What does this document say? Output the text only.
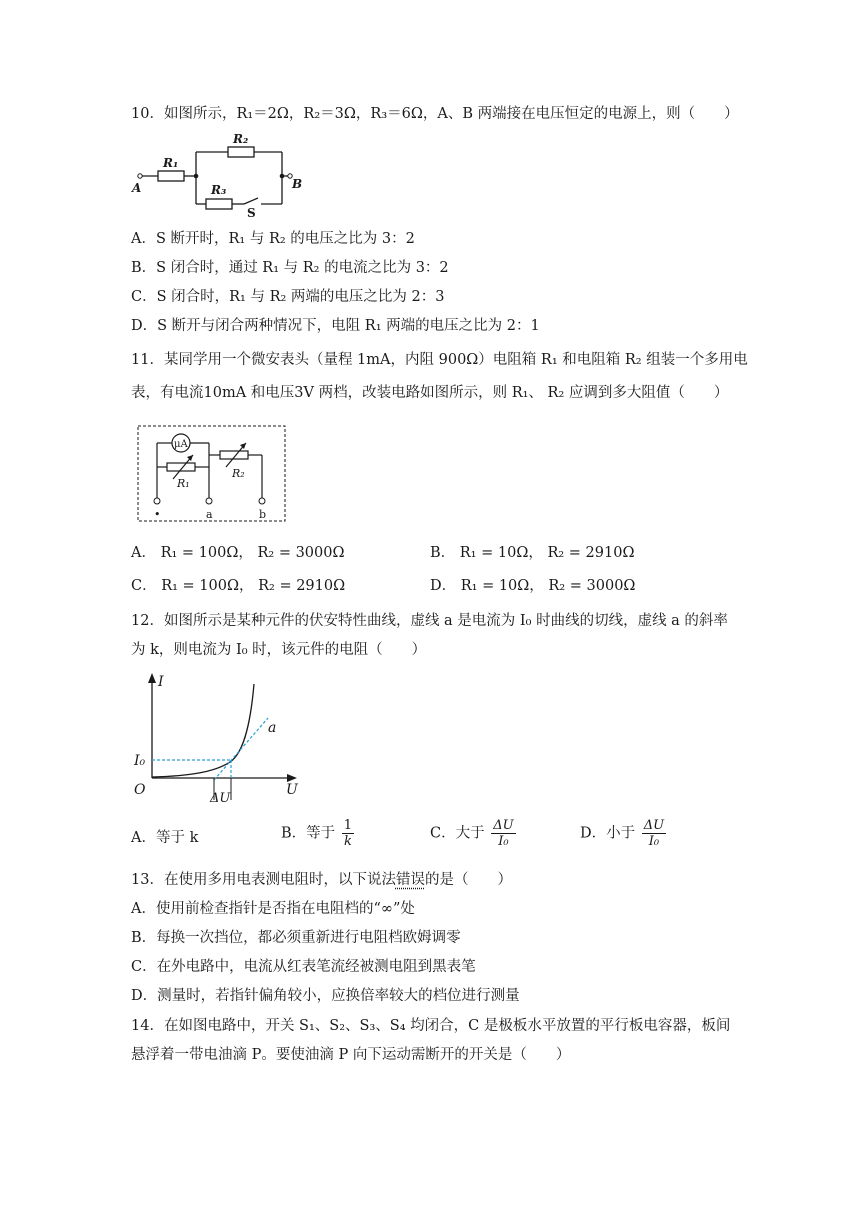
10．如图所示，R₁＝2Ω，R₂＝3Ω，R₃＝6Ω，A、B 两端接在电压恒定的电源上，则（　　）
R₁
R₂
R₃
A	B
S
A．S 断开时，R₁ 与 R₂ 的电压之比为 3：2
B．S 闭合时，通过 R₁ 与 R₂ 的电流之比为 3：2
C．S 闭合时，R₁ 与 R₂ 两端的电压之比为 2：3
D．S 断开与闭合两种情况下，电阻 R₁ 两端的电压之比为 2：1
11．某同学用一个微安表头（量程 1mA，内阻 900Ω）电阻箱 R₁ 和电阻箱 R₂ 组装一个多用电
表，有电流10mA 和电压3V 两档，改装电路如图所示，则 R₁、 R₂ 应调到多大阻值（　　）
μA
R₁
R₂
•	a	b
A． R₁ = 100Ω， R₂ = 3000Ω	B． R₁ = 10Ω， R₂ = 2910Ω
C． R₁ = 100Ω， R₂ = 2910Ω	D． R₁ = 10Ω， R₂ = 3000Ω
12．如图所示是某种元件的伏安特性曲线，虚线 a 是电流为 I₀ 时曲线的切线，虚线 a 的斜率
为 k，则电流为 I₀ 时，该元件的电阻（　　）
I
U
O
I₀
a
ΔU
A．等于 k	B．等于 $\frac{1}{k}$	C．大于 $\frac{\Delta U}{\text{I₀}}$	D．小于 $\frac{\Delta U}{\text{I₀}}$
13．在使用多用电表测电阻时，以下说法错误的是（　　）
A．使用前检查指针是否指在电阻档的“∞”处
B．每换一次挡位，都必须重新进行电阻档欧姆调零
C．在外电路中，电流从红表笔流经被测电阻到黑表笔
D．测量时，若指针偏角较小，应换倍率较大的档位进行测量
14．在如图电路中，开关 S₁、S₂、S₃、S₄ 均闭合，C 是极板水平放置的平行板电容器，板间
悬浮着一带电油滴 P。要使油滴 P 向下运动需断开的开关是（　　）
